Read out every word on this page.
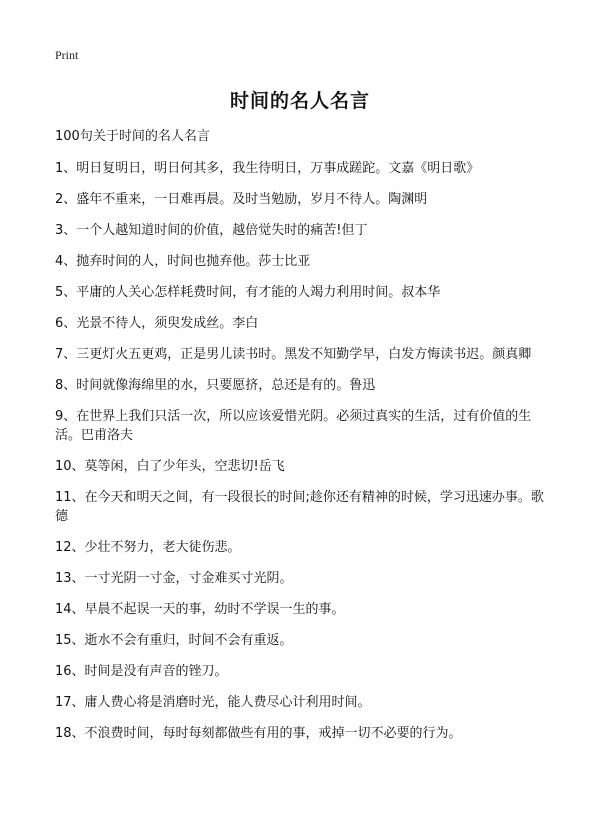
Print
时间的名人名言
100句关于时间的名人名言
1、明日复明日，明日何其多，我生待明日，万事成蹉跎。文嘉《明日歌》
2、盛年不重来，一日难再晨。及时当勉励，岁月不待人。陶渊明
3、一个人越知道时间的价值，越倍觉失时的痛苦!但丁
4、抛弃时间的人，时间也抛弃他。莎士比亚
5、平庸的人关心怎样耗费时间，有才能的人竭力利用时间。叔本华
6、光景不待人，须臾发成丝。李白
7、三更灯火五更鸡，正是男儿读书时。黑发不知勤学早，白发方悔读书迟。颜真卿
8、时间就像海绵里的水，只要愿挤，总还是有的。鲁迅
9、在世界上我们只活一次，所以应该爱惜光阴。必须过真实的生活，过有价值的生活。巴甫洛夫
10、莫等闲，白了少年头，空悲切!岳飞
11、在今天和明天之间，有一段很长的时间;趁你还有精神的时候，学习迅速办事。歌德
12、少壮不努力，老大徒伤悲。
13、一寸光阴一寸金，寸金难买寸光阴。
14、早晨不起误一天的事，幼时不学误一生的事。
15、逝水不会有重归，时间不会有重返。
16、时间是没有声音的锉刀。
17、庸人费心将是消磨时光，能人费尽心计利用时间。
18、不浪费时间，每时每刻都做些有用的事，戒掉一切不必要的行为。
